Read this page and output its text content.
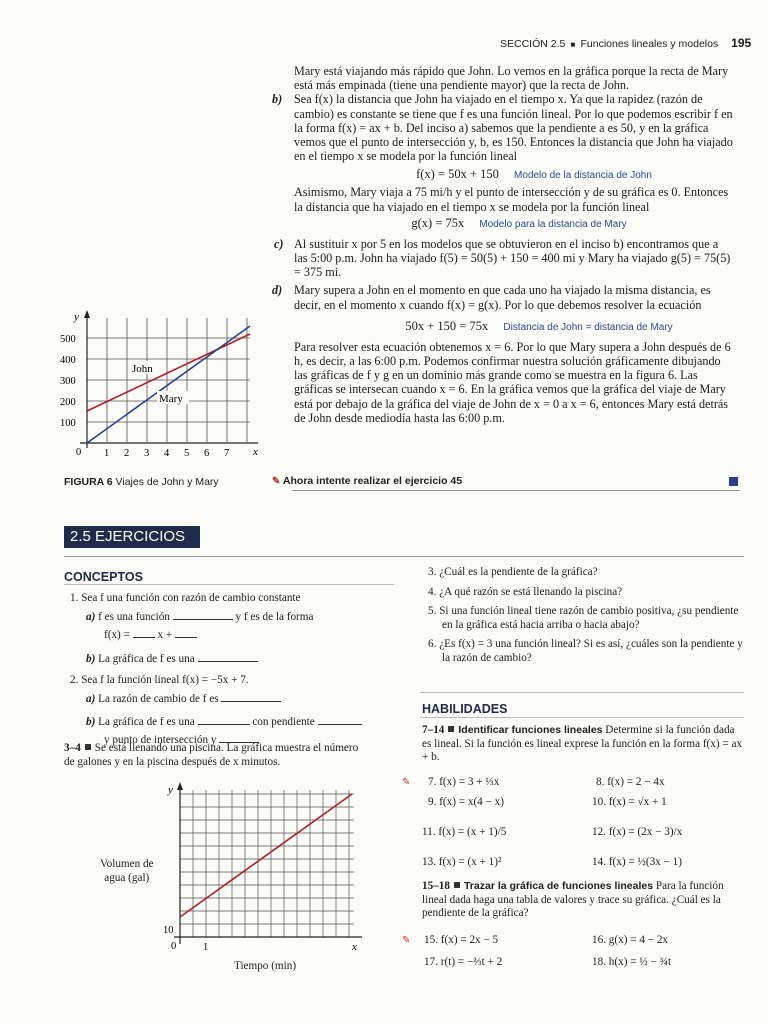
SECCIÓN 2.5  ■  Funciones lineales y modelos 195
Mary está viajando más rápido que John. Lo vemos en la gráfica porque la recta de Mary está más empinada (tiene una pendiente mayor) que la recta de John.
b) Sea f(x) la distancia que John ha viajado en el tiempo x. Ya que la rapidez (razón de cambio) es constante se tiene que f es una función lineal. Por lo que podemos escribir f en la forma f(x) = ax + b. Del inciso a) sabemos que la pendiente a es 50, y en la gráfica vemos que el punto de intersección y, b, es 150. Entonces la distancia que John ha viajado en el tiempo x se modela por la función lineal
f(x) = 50x + 150 Modelo de la distancia de John
Asimismo, Mary viaja a 75 mi/h y el punto de intersección y de su gráfica es 0. Entonces la distancia que ha viajado en el tiempo x se modela por la función lineal
g(x) = 75x Modelo para la distancia de Mary
c) Al sustituir x por 5 en los modelos que se obtuvieron en el inciso b) encontramos que a las 5:00 p.m. John ha viajado f(5) = 50(5) + 150 = 400 mi y Mary ha viajado g(5) = 75(5) = 375 mi.
d) Mary supera a John en el momento en que cada uno ha viajado la misma distancia, es decir, en el momento x cuando f(x) = g(x). Por lo que debemos resolver la ecuación
50x + 150 = 75x Distancia de John = distancia de Mary
Para resolver esta ecuación obtenemos x = 6. Por lo que Mary supera a John después de 6 h, es decir, a las 6:00 p.m. Podemos confirmar nuestra solución gráficamente dibujando las gráficas de f y g en un dominio más grande como se muestra en la figura 6. Las gráficas se intersecan cuando x = 6. En la gráfica vemos que la gráfica del viaje de Mary está por debajo de la gráfica del viaje de John de x = 0 a x = 6, entonces Mary está detrás de John desde mediodía hasta las 6:00 p.m.
✎ Ahora intente realizar el ejercicio 45
y
x
500
400
300
200
100
0 1 2 3 4 5 6 7
John
Mary
FIGURA 6 Viajes de John y Mary
2.5 EJERCICIOS
CONCEPTOS
1. Sea f una función con razón de cambio constante
a) f es una función	y f es de la forma
f(x) = x +
b) La gráfica de f es una
2. Sea f la función lineal f(x) = −5x + 7.
a) La razón de cambio de f es
b) La gráfica de f es una	con pendiente
y punto de intersección y
3–4 Se está llenando una piscina. La gráfica muestra el número de galones y en la piscina después de x minutos.
Volumen de
agua (gal)
y
x
10
0	1
Tiempo (min)
3. ¿Cuál es la pendiente de la gráfica?
4. ¿A qué razón se está llenando la piscina?
5. Si una función lineal tiene razón de cambio positiva, ¿su pendiente en la gráfica está hacia arriba o hacia abajo?
6. ¿Es f(x) = 3 una función lineal? Si es así, ¿cuáles son la pendiente y la razón de cambio?
HABILIDADES
7–14 Identificar funciones lineales Determine si la función dada es lineal. Si la función es lineal exprese la función en la forma f(x) = ax + b.
✎ 7. f(x) = 3 + ⅓x	8. f(x) = 2 − 4x
9. f(x) = x(4 − x)	10. f(x) = √x + 1
11. f(x) = (x + 1)/5	12. f(x) = (2x − 3)/x
13. f(x) = (x + 1)²	14. f(x) = ½(3x − 1)
15–18 Trazar la gráfica de funciones lineales Para la función lineal dada haga una tabla de valores y trace su gráfica. ¿Cuál es la pendiente de la gráfica?
✎ 15. f(x) = 2x − 5	16. g(x) = 4 − 2x
17. r(t) = −⅔t + 2	18. h(x) = ½ − ¾t
